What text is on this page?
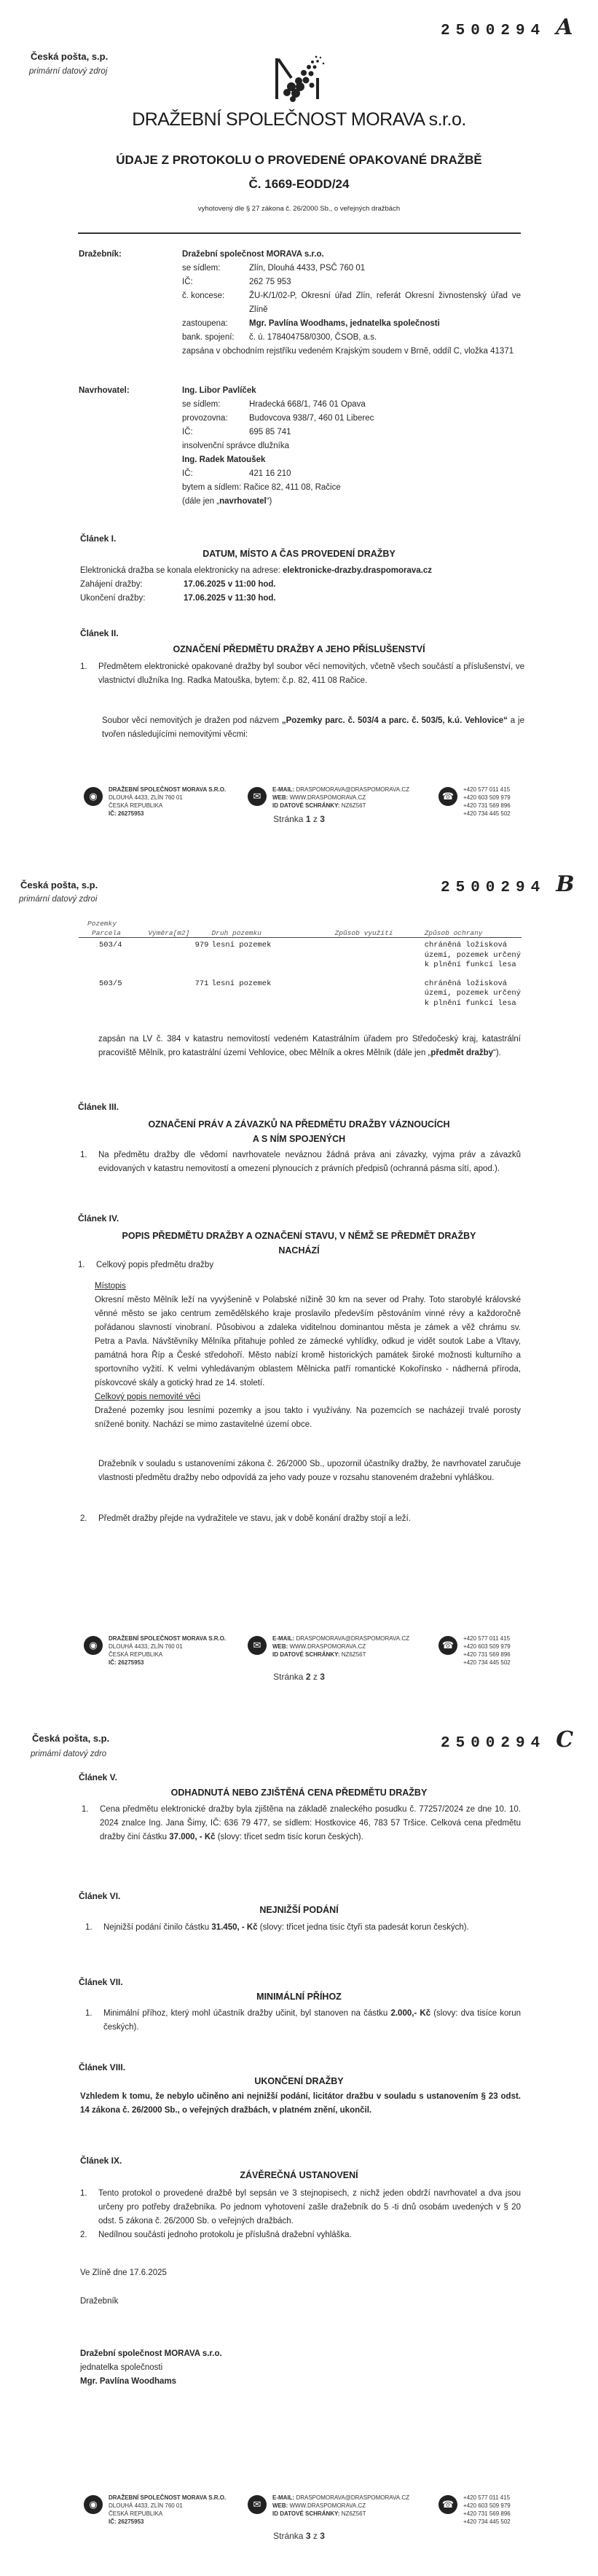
2500294 A
Česká pošta, s.p.
primární datový zdroj
DRAŽEBNÍ SPOLEČNOST MORAVA s.r.o.
ÚDAJE Z PROTOKOLU O PROVEDENÉ OPAKOVANÉ DRAŽBĚ
Č. 1669-EODD/24
vyhotovený dle § 27 zákona č. 26/2000 Sb., o veřejných dražbách
Dražebník:	Dražební společnost MORAVA s.r.o.
se sídlem:	Zlín, Dlouhá 4433, PSČ 760 01
IČ:	262 75 953
č. koncese:	ŽU-K/1/02-P, Okresní úřad Zlín, referát Okresní živnostenský úřad ve Zlíně
zastoupena:	Mgr. Pavlína Woodhams, jednatelka společnosti
bank. spojení:	č. ú. 178404758/0300, ČSOB, a.s.
zapsána v obchodním rejstříku vedeném Krajským soudem v Brně, oddíl C, vložka 41371
Navrhovatel:	Ing. Libor Pavlíček
se sídlem:	Hradecká 668/1, 746 01 Opava
provozovna:	Budovcova 938/7, 460 01 Liberec
IČ:	695 85 741
insolvenční správce dlužníka
Ing. Radek Matoušek
IČ:	421 16 210
bytem a sídlem: Račice 82, 411 08, Račice
(dále jen „navrhovatel“)
Článek I.
DATUM, MÍSTO A ČAS PROVEDENÍ DRAŽBY
Elektronická dražba se konala elektronicky na adrese: elektronicke-drazby.draspomorava.cz
Zahájení dražby:	17.06.2025 v 11:00 hod.
Ukončení dražby:	17.06.2025 v 11:30 hod.
Článek II.
OZNAČENÍ PŘEDMĚTU DRAŽBY A JEHO PŘÍSLUŠENSTVÍ
1.	Předmětem elektronické opakované dražby byl soubor věcí nemovitých, včetně všech součástí a příslušenství, ve vlastnictví dlužníka Ing. Radka Matouška, bytem: č.p. 82, 411 08 Račice.
Soubor věcí nemovitých je dražen pod názvem „Pozemky parc. č. 503/4 a parc. č. 503/5, k.ú. Vehlovice“ a je tvořen následujícími nemovitými věcmi:
◉
DRAŽEBNÍ SPOLEČNOST MORAVA S.R.O.
DLOUHÁ 4433, ZLÍN 760 01
ČESKÁ REPUBLIKA
IČ: 26275953
✉
E-MAIL: DRASPOMORAVA@DRASPOMORAVA.CZ
WEB: WWW.DRASPOMORAVA.CZ
ID DATOVÉ SCHRÁNKY: NZ6Z56T
☎
+420 577 011 415
+420 603 509 979
+420 731 569 896
+420 734 445 502
Stránka 1 z 3
2500294 B
Česká pošta, s.p.
primární datový zdroi
Pozemky
Parcela	Výměra[m2]	Druh pozemku	Způsob využití	Způsob ochrany
503/4	979	lesní pozemek		chráněná ložisková území, pozemek určený k plnění funkcí lesa
503/5	771	lesní pozemek		chráněná ložisková území, pozemek určený k plnění funkcí lesa
zapsán na LV č. 384 v katastru nemovitostí vedeném Katastrálním úřadem pro Středočeský kraj, katastrální pracoviště Mělník, pro katastrální území Vehlovice, obec Mělník a okres Mělník (dále jen „předmět dražby“).
Článek III.
OZNAČENÍ PRÁV A ZÁVAZKŮ NA PŘEDMĚTU DRAŽBY VÁZNOUCÍCH A S NÍM SPOJENÝCH
1.	Na předmětu dražby dle vědomí navrhovatele neváznou žádná práva ani závazky, vyjma práv a závazků evidovaných v katastru nemovitostí a omezení plynoucích z právních předpisů (ochranná pásma sítí, apod.).
Článek IV.
POPIS PŘEDMĚTU DRAŽBY A OZNAČENÍ STAVU, V NĚMŽ SE PŘEDMĚT DRAŽBY NACHÁZÍ
1.	Celkový popis předmětu dražby
Místopis
Okresní město Mělník leží na vyvýšenině v Polabské nížině 30 km na sever od Prahy. Toto starobylé královské věnné město se jako centrum zemědělského kraje proslavilo především pěstováním vinné révy a každoročně pořádanou slavností vinobraní. Působivou a zdaleka viditelnou dominantou města je zámek a věž chrámu sv. Petra a Pavla. Návštěvníky Mělníka přitahuje pohled ze zámecké vyhlídky, odkud je vidět soutok Labe a Vltavy, památná hora Říp a České středohoří. Město nabízí kromě historických památek široké možnosti kulturního a sportovního vyžití. K velmi vyhledávaným oblastem Mělnicka patří romantické Kokořínsko - nádherná příroda, pískovcové skály a gotický hrad ze 14. století.
Celkový popis nemovité věci
Dražené pozemky jsou lesními pozemky a jsou takto i využívány. Na pozemcích se nacházejí trvalé porosty snížené bonity. Nachází se mimo zastavitelné území obce.
Dražebník v souladu s ustanoveními zákona č. 26/2000 Sb., upozornil účastníky dražby, že navrhovatel zaručuje vlastnosti předmětu dražby nebo odpovídá za jeho vady pouze v rozsahu stanoveném dražební vyhláškou.
2.	Předmět dražby přejde na vydražitele ve stavu, jak v době konání dražby stojí a leží.
◉
DRAŽEBNÍ SPOLEČNOST MORAVA S.R.O.
DLOUHÁ 4433, ZLÍN 760 01
ČESKÁ REPUBLIKA
IČ: 26275953
✉
E-MAIL: DRASPOMORAVA@DRASPOMORAVA.CZ
WEB: WWW.DRASPOMORAVA.CZ
ID DATOVÉ SCHRÁNKY: NZ6Z56T
☎
+420 577 011 415
+420 603 509 979
+420 731 569 896
+420 734 445 502
Stránka 2 z 3
2500294 C
Česká pošta, s.p.
primámí datový zdro
Článek V.
ODHADNUTÁ NEBO ZJIŠTĚNÁ CENA PŘEDMĚTU DRAŽBY
1.	Cena předmětu elektronické dražby byla zjištěna na základě znaleckého posudku č. 77257/2024 ze dne 10. 10. 2024 znalce Ing. Jana Šimy, IČ: 636 79 477, se sídlem: Hostkovice 46, 783 57 Tršice. Celková cena předmětu dražby činí částku 37.000, - Kč (slovy: třicet sedm tisíc korun českých).
Článek VI.
NEJNIŽŠÍ PODÁNÍ
1.	Nejnižší podání činilo částku 31.450, - Kč (slovy: třicet jedna tisíc čtyři sta padesát korun českých).
Článek VII.
MINIMÁLNÍ PŘÍHOZ
1.	Minimální příhoz, který mohl účastník dražby učinit, byl stanoven na částku 2.000,- Kč (slovy: dva tisíce korun českých).
Článek VIII.
UKONČENÍ DRAŽBY
Vzhledem k tomu, že nebylo učiněno ani nejnižší podání, licitátor dražbu v souladu s ustanovením § 23 odst. 14 zákona č. 26/2000 Sb., o veřejných dražbách, v platném znění, ukončil.
Článek IX.
ZÁVĚREČNÁ USTANOVENÍ
1.	Tento protokol o provedené dražbě byl sepsán ve 3 stejnopisech, z nichž jeden obdrží navrhovatel a dva jsou určeny pro potřeby dražebníka. Po jednom vyhotovení zašle dražebník do 5 -ti dnů osobám uvedených v § 20 odst. 5 zákona č. 26/2000 Sb. o veřejných dražbách.
2.	Nedílnou součástí jednoho protokolu je příslušná dražební vyhláška.
Ve Zlíně dne 17.6.2025
Dražebník
Dražební společnost MORAVA s.r.o.
jednatelka společnosti
Mgr. Pavlína Woodhams
◉
DRAŽEBNÍ SPOLEČNOST MORAVA S.R.O.
DLOUHÁ 4433, ZLÍN 760 01
ČESKÁ REPUBLIKA
IČ: 26275953
✉
E-MAIL: DRASPOMORAVA@DRASPOMORAVA.CZ
WEB: WWW.DRASPOMORAVA.CZ
ID DATOVÉ SCHRÁNKY: NZ6Z56T
☎
+420 577 011 415
+420 603 509 979
+420 731 569 896
+420 734 445 502
Stránka 3 z 3
